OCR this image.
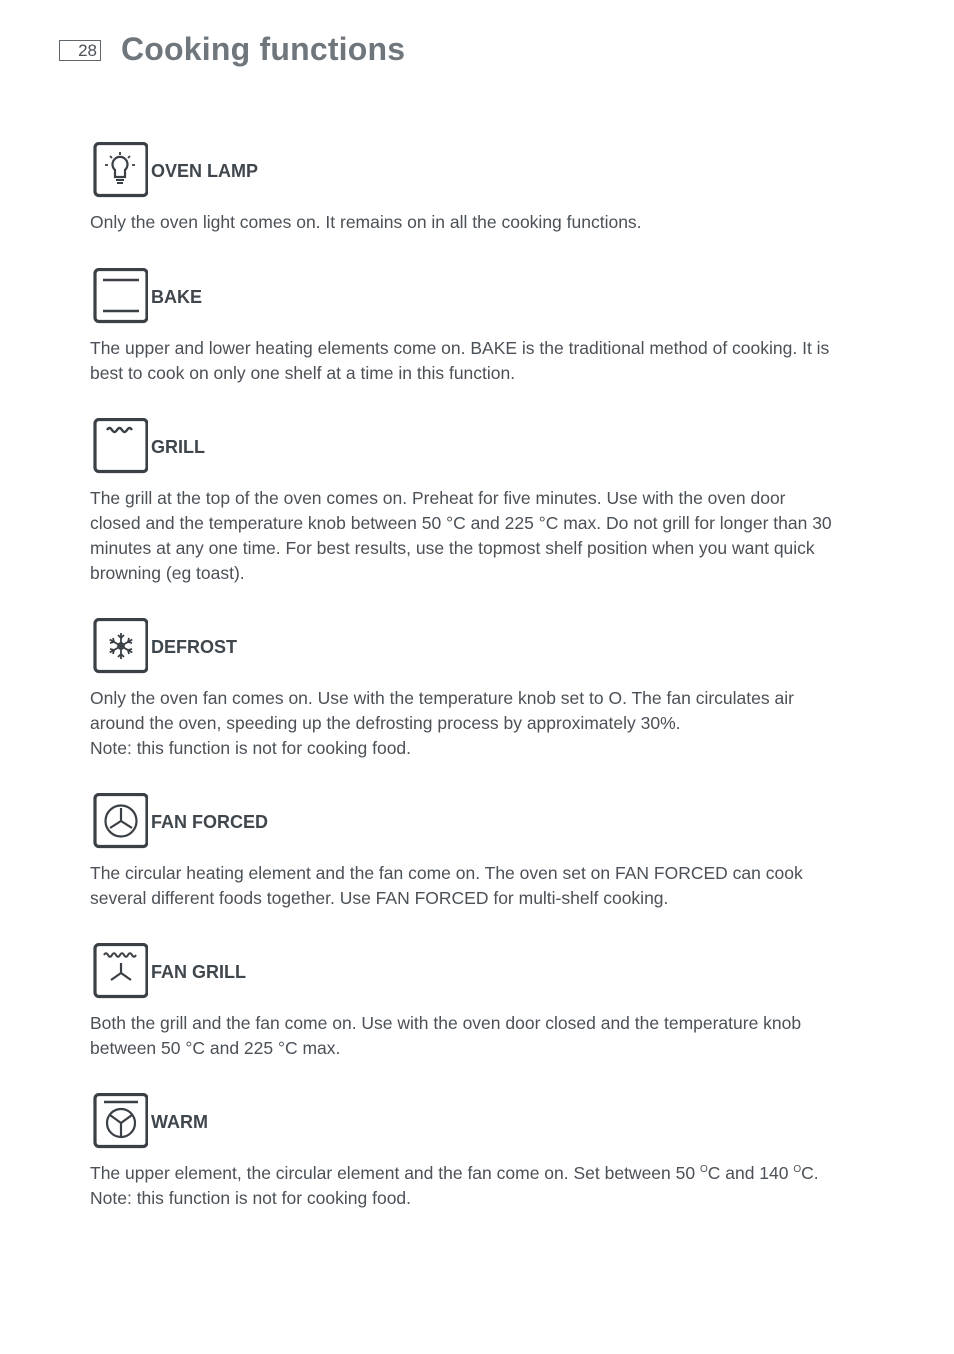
28 Cooking functions
OVEN LAMP

Only the oven light comes on. It remains on in all the cooking functions.

BAKE

The upper and lower heating elements come on. BAKE is the traditional method of cooking. It is
best to cook on only one shelf at a time in this function.

GRILL

The grill at the top of the oven comes on. Preheat for five minutes. Use with the oven door
closed and the temperature knob between 50 °C and 225 °C max. Do not grill for longer than 30
minutes at any one time. For best results, use the topmost shelf position when you want quick
browning (eg toast).

DEFROST

Only the oven fan comes on. Use with the temperature knob set to O. The fan circulates air
around the oven, speeding up the defrosting process by approximately 30%.
Note: this function is not for cooking food.

FAN FORCED

The circular heating element and the fan come on. The oven set on FAN FORCED can cook
several different foods together. Use FAN FORCED for multi-shelf cooking.

FAN GRILL

Both the grill and the fan come on. Use with the oven door closed and the temperature knob
between 50 °C and 225 °C max.

WARM

The upper element, the circular element and the fan come on. Set between 50 $^O$C and 140 $^O$C.
Note: this function is not for cooking food.
